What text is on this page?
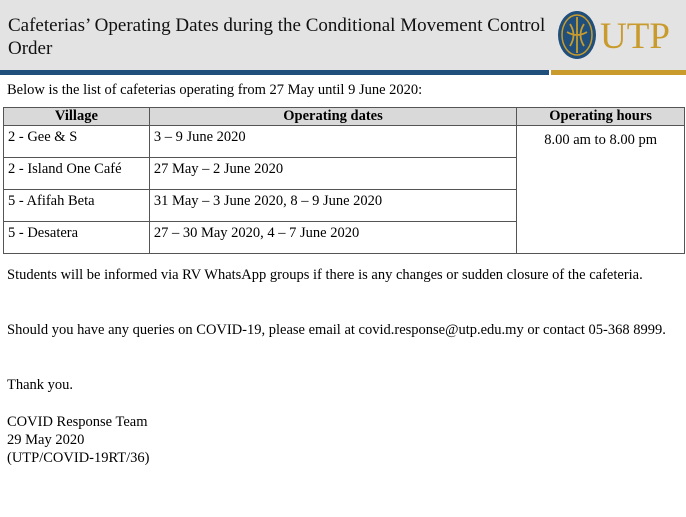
Cafeterias’ Operating Dates during the Conditional Movement Control Order	UTP
Below is the list of cafeterias operating from 27 May until 9 June 2020:
Village	Operating dates	Operating hours
2 - Gee & S	3 – 9 June 2020	8.00 am to 8.00 pm
2 - Island One Café	27 May – 2 June 2020	
5 - Afifah Beta	31 May – 3 June 2020, 8 – 9 June 2020	
5 - Desatera	27 – 30 May 2020, 4 – 7 June 2020	
Students will be informed via RV WhatsApp groups if there is any changes or sudden closure of the cafeteria.
Should you have any queries on COVID-19, please email at covid.response@utp.edu.my or contact 05-368 8999.
Thank you.
COVID Response Team
29 May 2020
(UTP/COVID-19RT/36)
